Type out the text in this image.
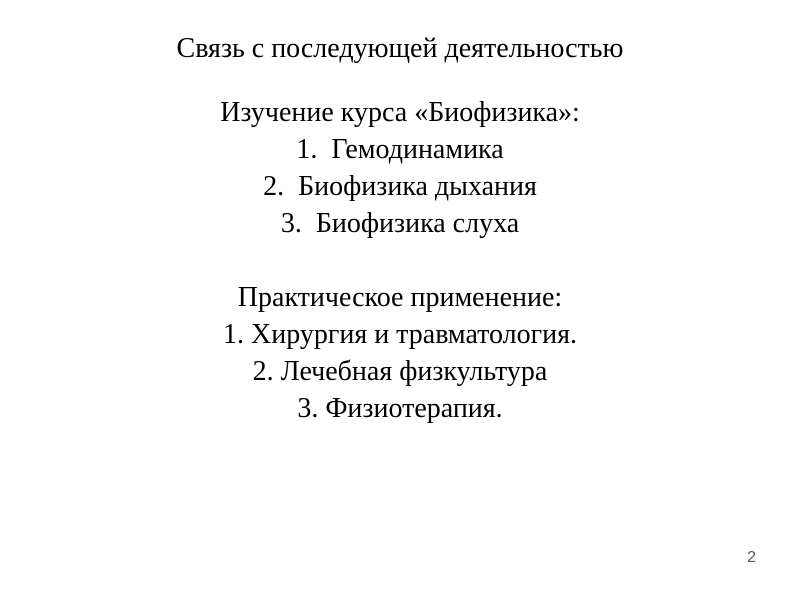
Связь с последующей деятельностью
Изучение курса «Биофизика»:
1.  Гемодинамика
2.  Биофизика дыхания
3.  Биофизика слуха
Практическое применение:
1. Хирургия и травматология.
2. Лечебная физкультура
3. Физиотерапия.
2
